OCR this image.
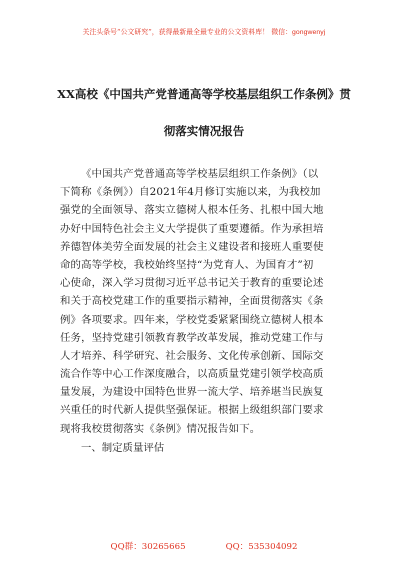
关注头条号“公文研究”，获得最新最全最专业的公文资料库！ 微信：gongwenyj
XX高校《中国共产党普通高等学校基层组织工作条例》贯
彻落实情况报告
《中国共产党普通高等学校基层组织工作条例》（以
下简称《条例》）自2021年4月修订实施以来，为我校加
强党的全面领导、落实立德树人根本任务、扎根中国大地
办好中国特色社会主义大学提供了重要遵循。作为承担培
养德智体美劳全面发展的社会主义建设者和接班人重要使
命的高等学校，我校始终坚持“为党育人、为国育才”初
心使命，深入学习贯彻习近平总书记关于教育的重要论述
和关于高校党建工作的重要指示精神，全面贯彻落实《条
例》各项要求。四年来，学校党委紧紧围绕立德树人根本
任务，坚持党建引领教育教学改革发展，推动党建工作与
人才培养、科学研究、社会服务、文化传承创新、国际交
流合作等中心工作深度融合，以高质量党建引领学校高质
量发展，为建设中国特色世界一流大学、培养堪当民族复
兴重任的时代新人提供坚强保证。根据上级组织部门要求
现将我校贯彻落实《条例》情况报告如下。
一、制定质量评估
QQ群：30265665	QQ：535304092
